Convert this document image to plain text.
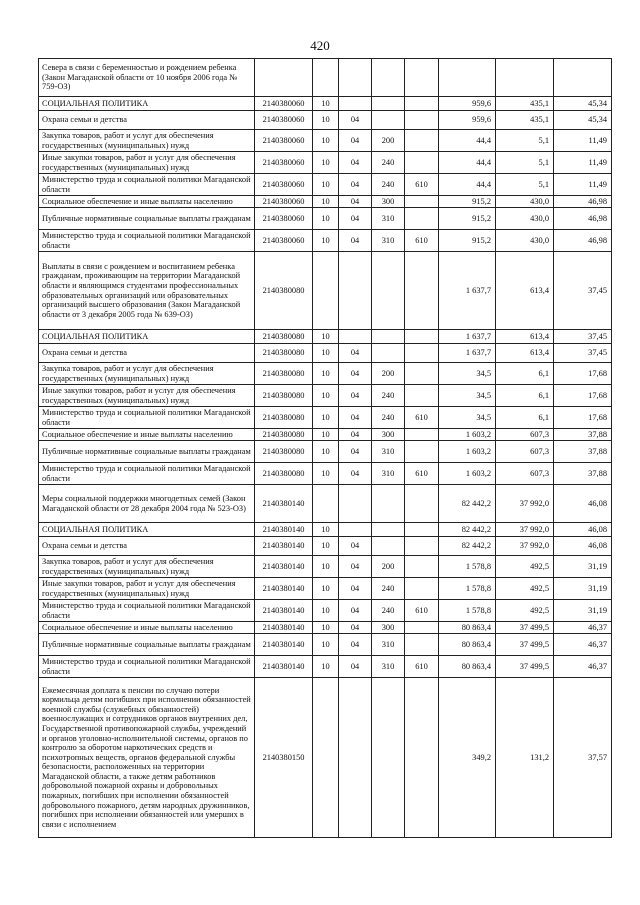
420
Севера в связи с беременностью и рождением ребенка (Закон Магаданской области от 10 ноября 2006 года № 759-ОЗ)								
СОЦИАЛЬНАЯ ПОЛИТИКА	2140380060	10				959,6	435,1	45,34
Охрана семьи и детства	2140380060	10	04			959,6	435,1	45,34
Закупка товаров, работ и услуг для обеспечения государственных (муниципальных) нужд	2140380060	10	04	200		44,4	5,1	11,49
Иные закупки товаров, работ и услуг для обеспечения государственных (муниципальных) нужд	2140380060	10	04	240		44,4	5,1	11,49
Министерство труда и социальной политики Магаданской области	2140380060	10	04	240	610	44,4	5,1	11,49
Социальное обеспечение и иные выплаты населению	2140380060	10	04	300		915,2	430,0	46,98
Публичные нормативные социальные выплаты гражданам	2140380060	10	04	310		915,2	430,0	46,98
Министерство труда и социальной политики Магаданской области	2140380060	10	04	310	610	915,2	430,0	46,98
Выплаты в связи с рождением и воспитанием ребенка гражданам, проживающим на территории Магаданской области и являющимся студентами профессиональных образовательных организаций или образовательных организаций высшего образования (Закон Магаданской области от 3 декабря 2005 года № 639-ОЗ)	2140380080					1 637,7	613,4	37,45
СОЦИАЛЬНАЯ ПОЛИТИКА	2140380080	10				1 637,7	613,4	37,45
Охрана семьи и детства	2140380080	10	04			1 637,7	613,4	37,45
Закупка товаров, работ и услуг для обеспечения государственных (муниципальных) нужд	2140380080	10	04	200		34,5	6,1	17,68
Иные закупки товаров, работ и услуг для обеспечения государственных (муниципальных) нужд	2140380080	10	04	240		34,5	6,1	17,68
Министерство труда и социальной политики Магаданской области	2140380080	10	04	240	610	34,5	6,1	17,68
Социальное обеспечение и иные выплаты населению	2140380080	10	04	300		1 603,2	607,3	37,88
Публичные нормативные социальные выплаты гражданам	2140380080	10	04	310		1 603,2	607,3	37,88
Министерство труда и социальной политики Магаданской области	2140380080	10	04	310	610	1 603,2	607,3	37,88
Меры социальной поддержки многодетных семей (Закон Магаданской области от 28 декабря 2004 года № 523-ОЗ)	2140380140					82 442,2	37 992,0	46,08
СОЦИАЛЬНАЯ ПОЛИТИКА	2140380140	10				82 442,2	37 992,0	46,08
Охрана семьи и детства	2140380140	10	04			82 442,2	37 992,0	46,08
Закупка товаров, работ и услуг для обеспечения государственных (муниципальных) нужд	2140380140	10	04	200		1 578,8	492,5	31,19
Иные закупки товаров, работ и услуг для обеспечения государственных (муниципальных) нужд	2140380140	10	04	240		1 578,8	492,5	31,19
Министерство труда и социальной политики Магаданской области	2140380140	10	04	240	610	1 578,8	492,5	31,19
Социальное обеспечение и иные выплаты населению	2140380140	10	04	300		80 863,4	37 499,5	46,37
Публичные нормативные социальные выплаты гражданам	2140380140	10	04	310		80 863,4	37 499,5	46,37
Министерство труда и социальной политики Магаданской области	2140380140	10	04	310	610	80 863,4	37 499,5	46,37
Ежемесячная доплата к пенсии по случаю потери кормильца детям погибших при исполнении обязанностей военной службы (служебных обязанностей) военнослужащих и сотрудников органов внутренних дел, Государственной противопожарной службы, учреждений и органов уголовно-исполнительной системы, органов по контролю за оборотом наркотических средств и психотропных веществ, органов федеральной службы безопасности, расположенных на территории Магаданской области, а также детям работников добровольной пожарной охраны и добровольных пожарных, погибших при исполнении обязанностей добровольного пожарного, детям народных дружинников, погибших при исполнении обязанностей или умерших в связи с исполнением	2140380150					349,2	131,2	37,57
